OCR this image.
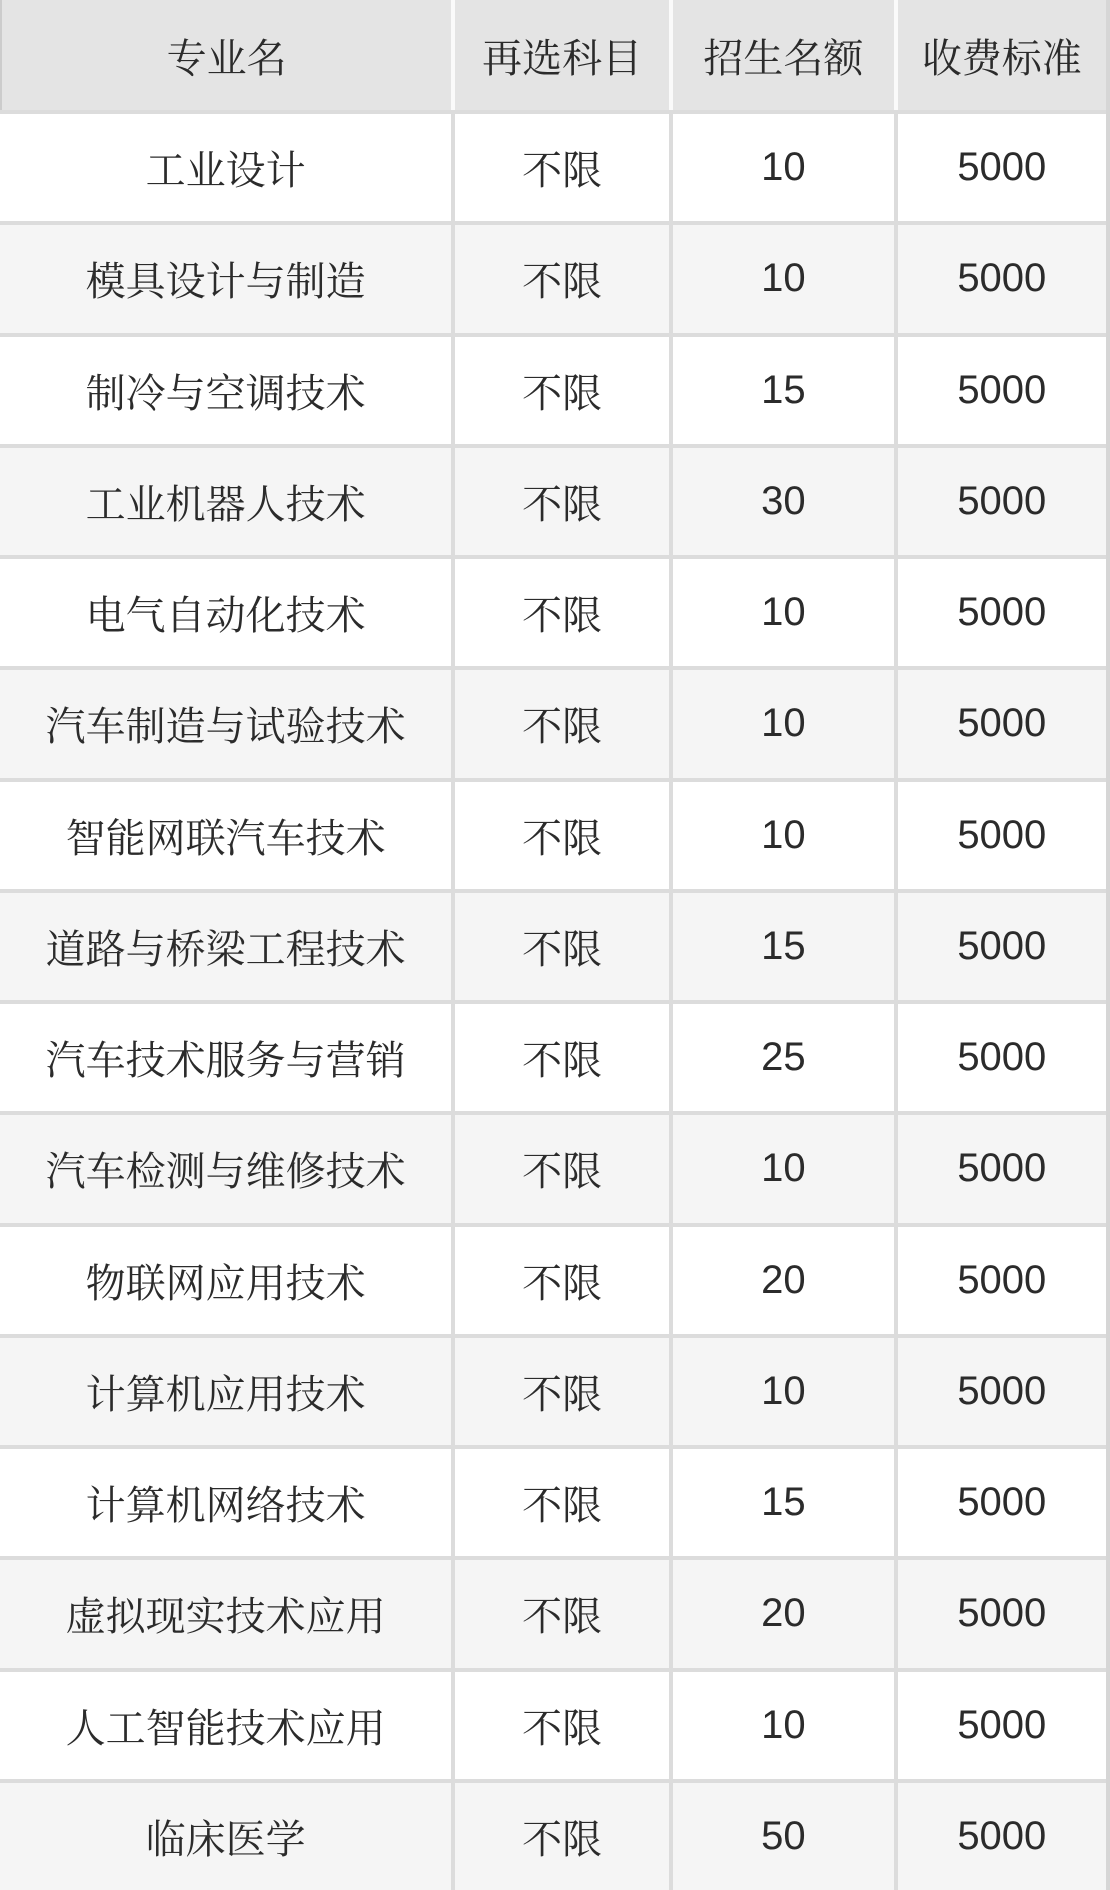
专业名	再选科目	招生名额	收费标准
工业设计	不限	10	5000
模具设计与制造	不限	10	5000
制冷与空调技术	不限	15	5000
工业机器人技术	不限	30	5000
电气自动化技术	不限	10	5000
汽车制造与试验技术	不限	10	5000
智能网联汽车技术	不限	10	5000
道路与桥梁工程技术	不限	15	5000
汽车技术服务与营销	不限	25	5000
汽车检测与维修技术	不限	10	5000
物联网应用技术	不限	20	5000
计算机应用技术	不限	10	5000
计算机网络技术	不限	15	5000
虚拟现实技术应用	不限	20	5000
人工智能技术应用	不限	10	5000
临床医学	不限	50	5000
